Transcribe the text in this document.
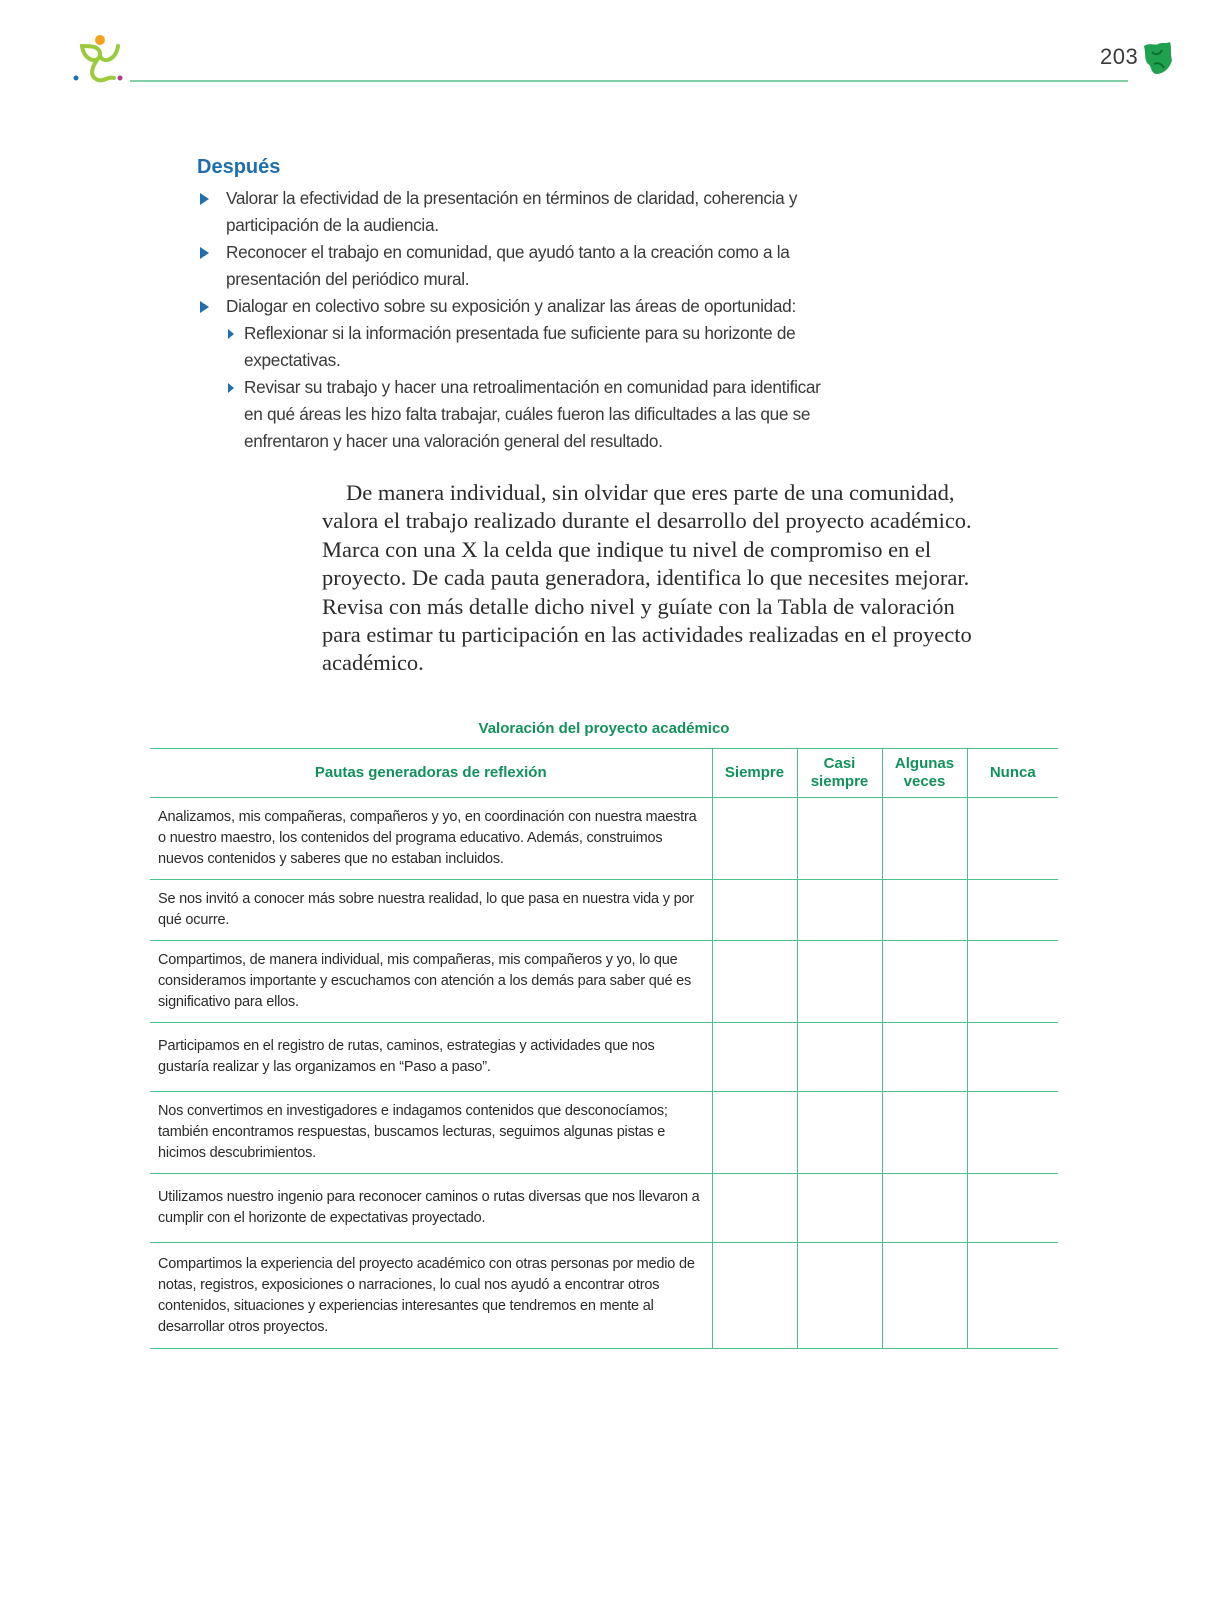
203
Después
Valorar la efectividad de la presentación en términos de claridad, coherencia y participación de la audiencia.
Reconocer el trabajo en comunidad, que ayudó tanto a la creación como a la presentación del periódico mural.
Dialogar en colectivo sobre su exposición y analizar las áreas de oportunidad:
Reflexionar si la información presentada fue suficiente para su horizonte de expectativas.
Revisar su trabajo y hacer una retroalimentación en comunidad para identificar en qué áreas les hizo falta trabajar, cuáles fueron las dificultades a las que se enfrentaron y hacer una valoración general del resultado.

De manera individual, sin olvidar que eres parte de una comunidad, valora el trabajo realizado durante el desarrollo del proyecto académico. Marca con una X la celda que indique tu nivel de compromiso en el proyecto. De cada pauta generadora, identifica lo que necesites mejorar. Revisa con más detalle dicho nivel y guíate con la Tabla de valoración para estimar tu participación en las actividades realizadas en el proyecto académico.

Valoración del proyecto académico

Pautas generadoras de reflexión	Siempre	Casi siempre	Algunas veces	Nunca
Analizamos, mis compañeras, compañeros y yo, en coordinación con nuestra maestra o nuestro maestro, los contenidos del programa educativo. Además, construimos nuevos contenidos y saberes que no estaban incluidos.				
Se nos invitó a conocer más sobre nuestra realidad, lo que pasa en nuestra vida y por qué ocurre.				
Compartimos, de manera individual, mis compañeras, mis compañeros y yo, lo que consideramos importante y escuchamos con atención a los demás para saber qué es significativo para ellos.				
Participamos en el registro de rutas, caminos, estrategias y actividades que nos gustaría realizar y las organizamos en “Paso a paso”.				
Nos convertimos en investigadores e indagamos contenidos que desconocíamos; también encontramos respuestas, buscamos lecturas, seguimos algunas pistas e hicimos descubrimientos.				
Utilizamos nuestro ingenio para reconocer caminos o rutas diversas que nos llevaron a cumplir con el horizonte de expectativas proyectado.				
Compartimos la experiencia del proyecto académico con otras personas por medio de notas, registros, exposiciones o narraciones, lo cual nos ayudó a encontrar otros contenidos, situaciones y experiencias interesantes que tendremos en mente al desarrollar otros proyectos.				
